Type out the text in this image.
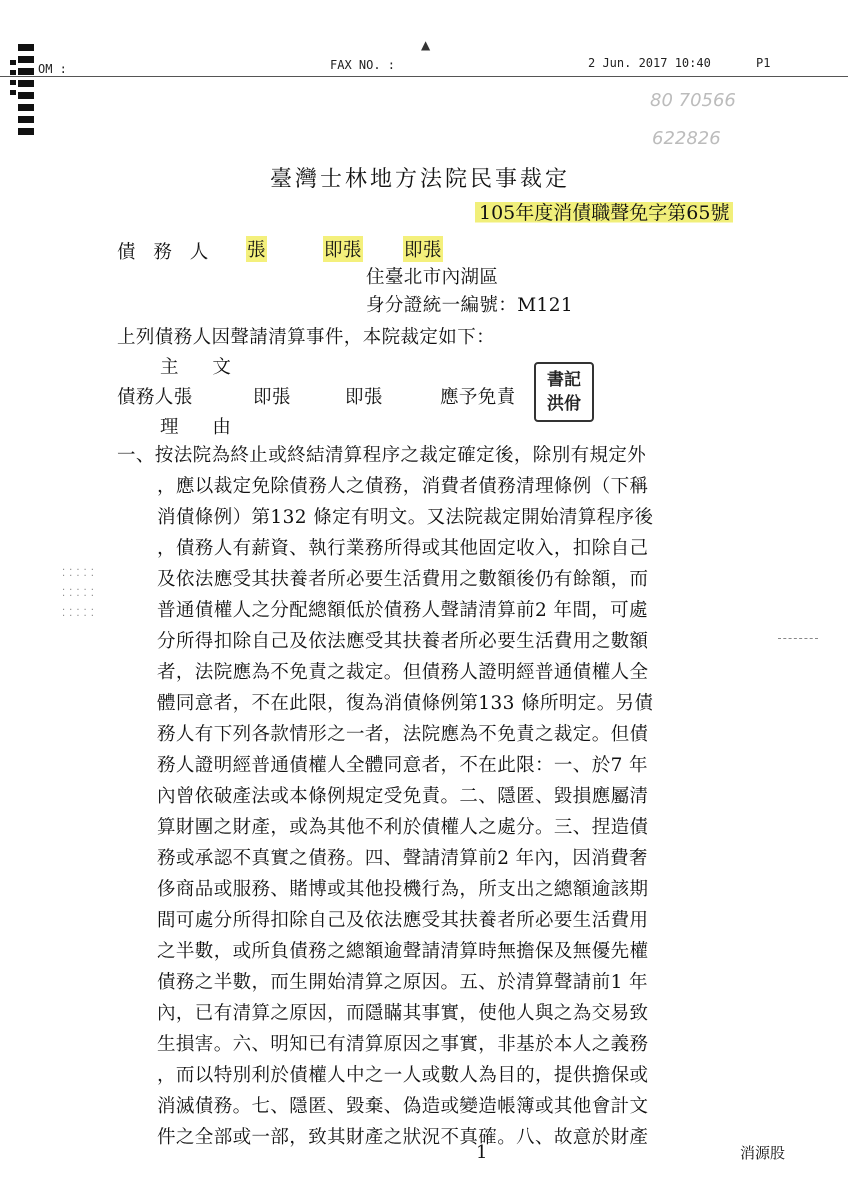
OM :	FAX NO. :
▲
2 Jun. 2017 10:40	P1
80 70566
622826
臺灣士林地方法院民事裁定
105年度消債職聲免字第65號
債 務 人 張	即張 即張
住臺北市內湖區
身分證統一編號：M121
上列債務人因聲請清算事件，本院裁定如下：
主 文
債務人張	即張	即張	應予免責
書記
洪佾
理 由
一、按法院為終止或終結清算程序之裁定確定後，除別有規定外
，應以裁定免除債務人之債務，消費者債務清理條例（下稱
消債條例）第132 條定有明文。又法院裁定開始清算程序後
，債務人有薪資、執行業務所得或其他固定收入，扣除自己
及依法應受其扶養者所必要生活費用之數額後仍有餘額，而
普通債權人之分配總額低於債務人聲請清算前2 年間，可處
分所得扣除自己及依法應受其扶養者所必要生活費用之數額
者，法院應為不免責之裁定。但債務人證明經普通債權人全
體同意者，不在此限，復為消債條例第133 條所明定。另債
務人有下列各款情形之一者，法院應為不免責之裁定。但債
務人證明經普通債權人全體同意者，不在此限：一、於7 年
內曾依破產法或本條例規定受免責。二、隱匿、毀損應屬清
算財團之財產，或為其他不利於債權人之處分。三、捏造債
務或承認不真實之債務。四、聲請清算前2 年內，因消費奢
侈商品或服務、賭博或其他投機行為，所支出之總額逾該期
間可處分所得扣除自己及依法應受其扶養者所必要生活費用
之半數，或所負債務之總額逾聲請清算時無擔保及無優先權
債務之半數，而生開始清算之原因。五、於清算聲請前1 年
內，已有清算之原因，而隱瞞其事實，使他人與之為交易致
生損害。六、明知已有清算原因之事實，非基於本人之義務
，而以特別利於債權人中之一人或數人為目的，提供擔保或
消滅債務。七、隱匿、毀棄、偽造或變造帳簿或其他會計文
件之全部或一部，致其財產之狀況不真確。八、故意於財產
⁚⁚⁚⁚⁚
⁚⁚⁚⁚⁚
⁚⁚⁚⁚⁚
1	消源股
